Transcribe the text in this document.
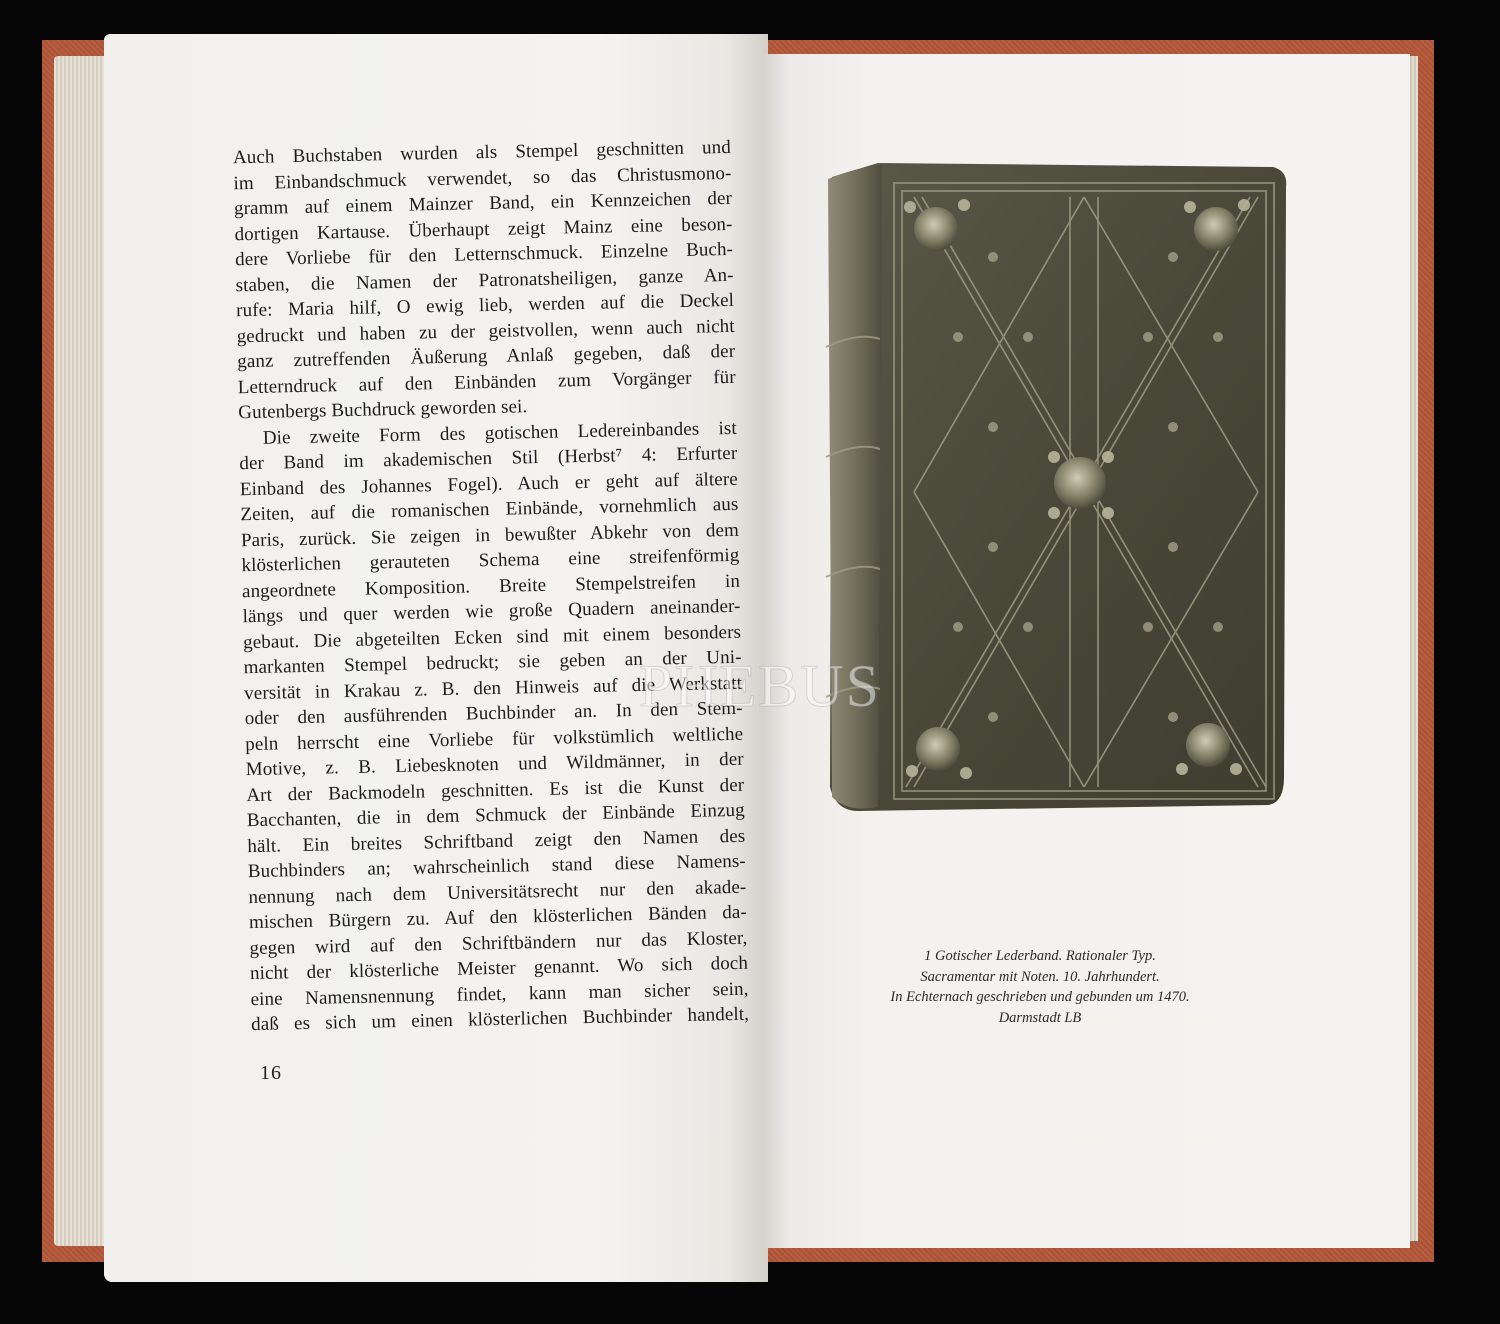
Auch Buchstaben wurden als Stempel geschnitten und
im Einbandschmuck verwendet, so das Christusmono-
gramm auf einem Mainzer Band, ein Kennzeichen der
dortigen Kartause. Überhaupt zeigt Mainz eine beson-
dere Vorliebe für den Letternschmuck. Einzelne Buch-
staben, die Namen der Patronatsheiligen, ganze An-
rufe: Maria hilf, O ewig lieb, werden auf die Deckel
gedruckt und haben zu der geistvollen, wenn auch nicht
ganz zutreffenden Äußerung Anlaß gegeben, daß der
Letterndruck auf den Einbänden zum Vorgänger für
Gutenbergs Buchdruck geworden sei.
Die zweite Form des gotischen Ledereinbandes ist
der Band im akademischen Stil (Herbst⁷ 4: Erfurter
Einband des Johannes Fogel). Auch er geht auf ältere
Zeiten, auf die romanischen Einbände, vornehmlich aus
Paris, zurück. Sie zeigen in bewußter Abkehr von dem
klösterlichen gerauteten Schema eine streifenförmig
angeordnete Komposition. Breite Stempelstreifen in
längs und quer werden wie große Quadern aneinander-
gebaut. Die abgeteilten Ecken sind mit einem besonders
markanten Stempel bedruckt; sie geben an der Uni-
versität in Krakau z. B. den Hinweis auf die Werkstatt
oder den ausführenden Buchbinder an. In den Stem-
peln herrscht eine Vorliebe für volkstümlich weltliche
Motive, z. B. Liebesknoten und Wildmänner, in der
Art der Backmodeln geschnitten. Es ist die Kunst der
Bacchanten, die in dem Schmuck der Einbände Einzug
hält. Ein breites Schriftband zeigt den Namen des
Buchbinders an; wahrscheinlich stand diese Namens-
nennung nach dem Universitätsrecht nur den akade-
mischen Bürgern zu. Auf den klösterlichen Bänden da-
gegen wird auf den Schriftbändern nur das Kloster,
nicht der klösterliche Meister genannt. Wo sich doch
eine Namensnennung findet, kann man sicher sein,
daß es sich um einen klösterlichen Buchbinder handelt,
16
1 Gotischer Lederband. Rationaler Typ.
Sacramentar mit Noten. 10. Jahrhundert.
In Echternach geschrieben und gebunden um 1470.
Darmstadt LB
PHEBUS
